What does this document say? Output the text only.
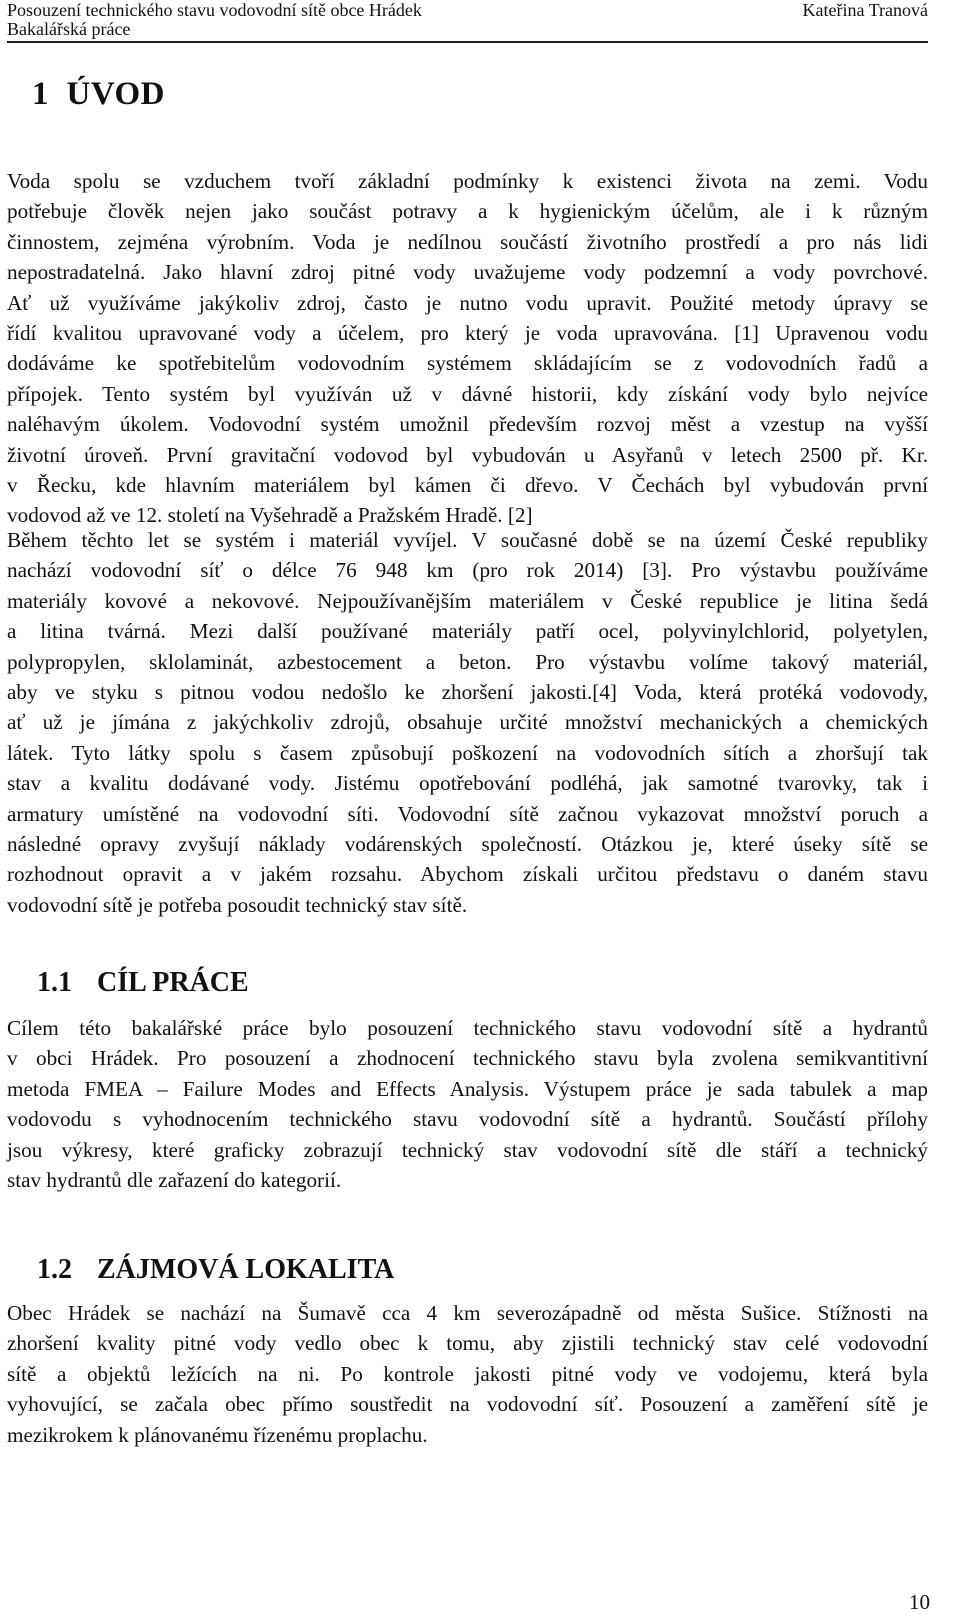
Posouzení technického stavu vodovodní sítě obce Hrádek
Bakalářská práce
Kateřina Tranová
1 ÚVOD
Voda spolu se vzduchem tvoří základní podmínky k existenci života na zemi. Vodu
potřebuje člověk nejen jako součást potravy a k hygienickým účelům, ale i k různým
činnostem, zejména výrobním. Voda je nedílnou součástí životního prostředí a pro nás lidi
nepostradatelná. Jako hlavní zdroj pitné vody uvažujeme vody podzemní a vody povrchové.
Ať už využíváme jakýkoliv zdroj, často je nutno vodu upravit. Použité metody úpravy se
řídí kvalitou upravované vody a účelem, pro který je voda upravována. [1] Upravenou vodu
dodáváme ke spotřebitelům vodovodním systémem skládajícím se z vodovodních řadů a
přípojek. Tento systém byl využíván už v dávné historii, kdy získání vody bylo nejvíce
naléhavým úkolem. Vodovodní systém umožnil především rozvoj měst a vzestup na vyšší
životní úroveň. První gravitační vodovod byl vybudován u Asyřanů v letech 2500 př. Kr.
v Řecku, kde hlavním materiálem byl kámen či dřevo. V Čechách byl vybudován první
vodovod až ve 12. století na Vyšehradě a Pražském Hradě. [2]
Během těchto let se systém i materiál vyvíjel. V současné době se na území České republiky
nachází vodovodní síť o délce 76 948 km (pro rok 2014) [3]. Pro výstavbu používáme
materiály kovové a nekovové. Nejpoužívanějším materiálem v České republice je litina šedá
a litina tvárná. Mezi další používané materiály patří ocel, polyvinylchlorid, polyetylen,
polypropylen, sklolaminát, azbestocement a beton. Pro výstavbu volíme takový materiál,
aby ve styku s pitnou vodou nedošlo ke zhoršení jakosti.[4] Voda, která protéká vodovody,
ať už je jímána z jakýchkoliv zdrojů, obsahuje určité množství mechanických a chemických
látek. Tyto látky spolu s časem způsobují poškození na vodovodních sítích a zhoršují tak
stav a kvalitu dodávané vody. Jistému opotřebování podléhá, jak samotné tvarovky, tak i
armatury umístěné na vodovodní síti. Vodovodní sítě začnou vykazovat množství poruch a
následné opravy zvyšují náklady vodárenských společností. Otázkou je, které úseky sítě se
rozhodnout opravit a v jakém rozsahu. Abychom získali určitou představu o daném stavu
vodovodní sítě je potřeba posoudit technický stav sítě.
1.1 CÍL PRÁCE
Cílem této bakalářské práce bylo posouzení technického stavu vodovodní sítě a hydrantů
v obci Hrádek. Pro posouzení a zhodnocení technického stavu byla zvolena semikvantitivní
metoda FMEA – Failure Modes and Effects Analysis. Výstupem práce je sada tabulek a map
vodovodu s vyhodnocením technického stavu vodovodní sítě a hydrantů. Součástí přílohy
jsou výkresy, které graficky zobrazují technický stav vodovodní sítě dle stáří a technický
stav hydrantů dle zařazení do kategorií.
1.2 ZÁJMOVÁ LOKALITA
Obec Hrádek se nachází na Šumavě cca 4 km severozápadně od města Sušice. Stížnosti na
zhoršení kvality pitné vody vedlo obec k tomu, aby zjistili technický stav celé vodovodní
sítě a objektů ležících na ni. Po kontrole jakosti pitné vody ve vodojemu, která byla
vyhovující, se začala obec přímo soustředit na vodovodní síť. Posouzení a zaměření sítě je
mezikrokem k plánovanému řízenému proplachu.
10
